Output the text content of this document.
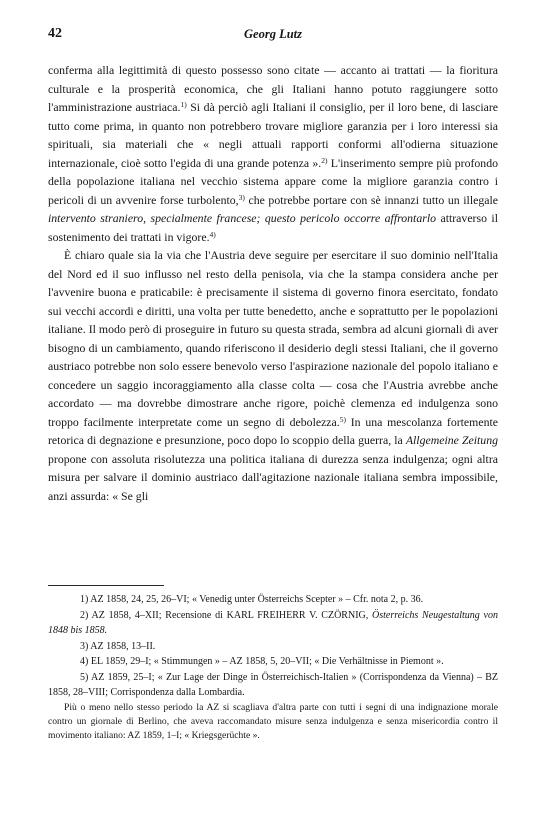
42	Georg Lutz

conferma alla legittimità di questo possesso sono citate — accanto ai trattati — la fioritura culturale e la prosperità economica, che gli Italiani hanno potuto raggiungere sotto l'amministrazione austriaca.$^{1)}$ Si dà perciò agli Italiani il consiglio, per il loro bene, di lasciare tutto come prima, in quanto non potrebbero trovare migliore garanzia per i loro interessi sia spirituali, sia materiali che « negli attuali rapporti conformi all'odierna situazione internazionale, cioè sotto l'egida di una grande potenza ».$^{2)}$ L'inserimento sempre più profondo della popolazione italiana nel vecchio sistema appare come la migliore garanzia contro i pericoli di un avvenire forse turbolento,$^{3)}$ che potrebbe portare con sè innanzi tutto un illegale intervento straniero, specialmente francese; questo pericolo occorre affrontarlo attraverso il sostenimento dei trattati in vigore.$^{4)}$

È chiaro quale sia la via che l'Austria deve seguire per esercitare il suo dominio nell'Italia del Nord ed il suo influsso nel resto della penisola, via che la stampa considera anche per l'avvenire buona e praticabile: è precisamente il sistema di governo finora esercitato, fondato sui vecchi accordi e diritti, una volta per tutte benedetto, anche e soprattutto per le popolazioni italiane. Il modo però di proseguire in futuro su questa strada, sembra ad alcuni giornali di aver bisogno di un cambiamento, quando riferiscono il desiderio degli stessi Italiani, che il governo austriaco potrebbe non solo essere benevolo verso l'aspirazione nazionale del popolo italiano e concedere un saggio incoraggiamento alla classe colta — cosa che l'Austria avrebbe anche accordato — ma dovrebbe dimostrare anche rigore, poichè clemenza ed indulgenza sono troppo facilmente interpretate come un segno di debolezza.$^{5)}$ In una mescolanza fortemente retorica di degnazione e presunzione, poco dopo lo scoppio della guerra, la Allgemeine Zeitung propone con assoluta risolutezza una politica italiana di durezza senza indulgenza; ogni altra misura per salvare il dominio austriaco dall'agitazione nazionale italiana sembra impossibile, anzi assurda: « Se gli

1) AZ 1858, 24, 25, 26–VI; « Venedig unter Österreichs Scepter » – Cfr. nota 2, p. 36.

2) AZ 1858, 4–XII; Recensione di KARL FREIHERR V. CZÖRNIG, Österreichs Neugestaltung von 1848 bis 1858.

3) AZ 1858, 13–II.

4) EL 1859, 29–I; « Stimmungen » – AZ 1858, 5, 20–VII; « Die Verhältnisse in Piemont ».

5) AZ 1859, 25–I; « Zur Lage der Dinge in Österreichisch-Italien » (Corrispondenza da Vienna) – BZ 1858, 28–VIII; Corrispondenza dalla Lombardia.

Più o meno nello stesso periodo la AZ si scagliava d'altra parte con tutti i segni di una indignazione morale contro un giornale di Berlino, che aveva raccomandato misure senza indulgenza e senza misericordia contro il movimento italiano: AZ 1859, 1–I; « Kriegsgerüchte ».
